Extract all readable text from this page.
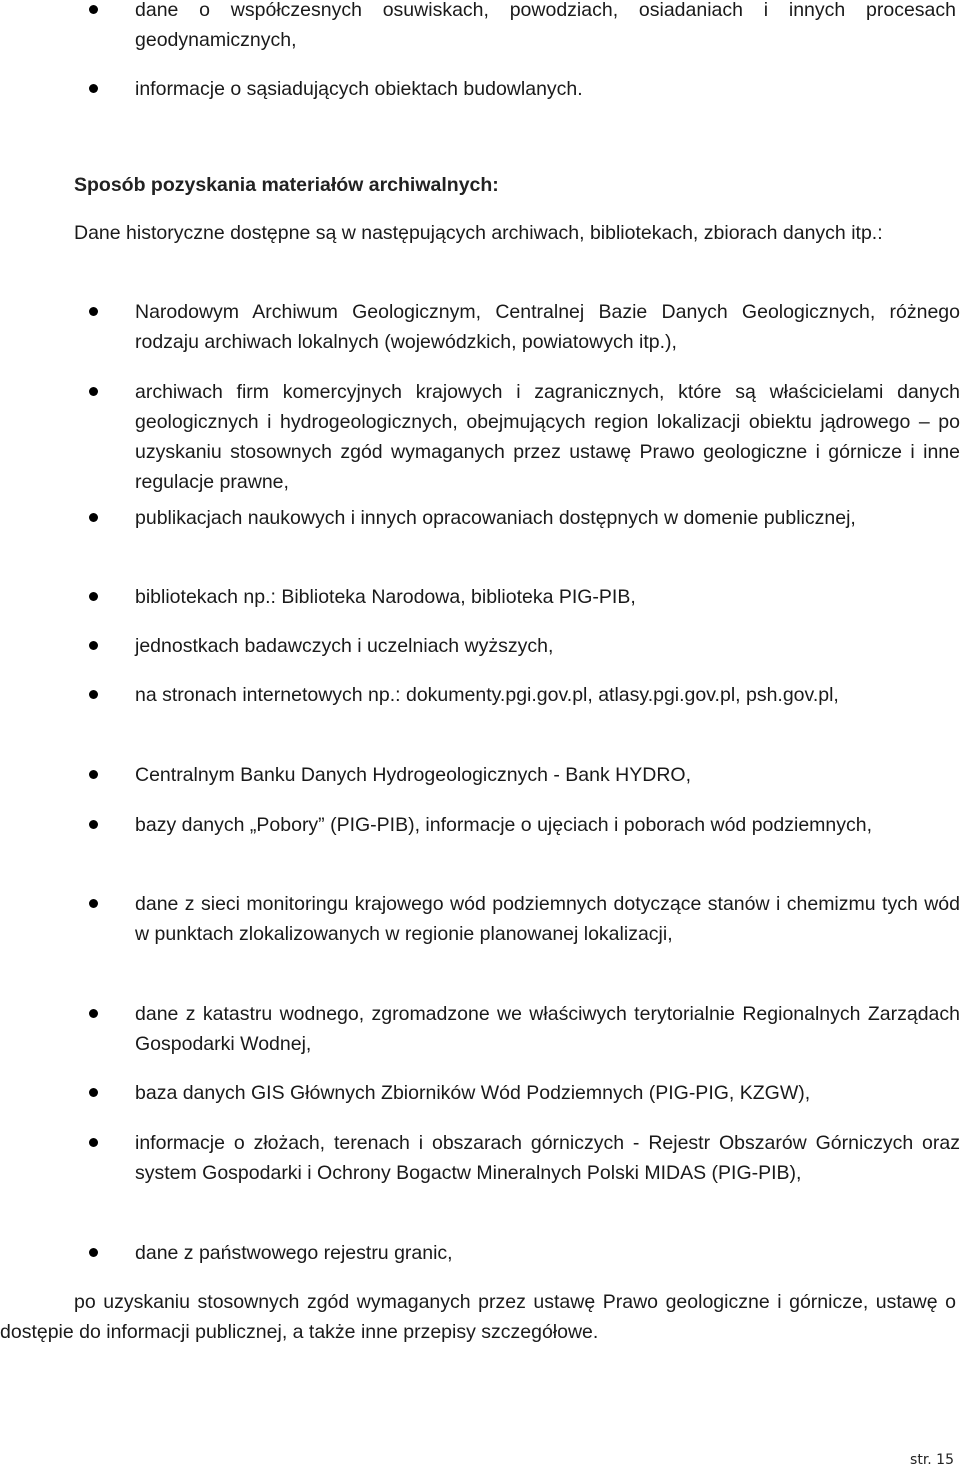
dane o współczesnych osuwiskach, powodziach, osiadaniach i innych procesach geodynamicznych,
informacje o sąsiadujących obiektach budowlanych.
Sposób pozyskania materiałów archiwalnych:
Dane historyczne dostępne są w następujących archiwach, bibliotekach, zbiorach danych itp.:
Narodowym Archiwum Geologicznym, Centralnej Bazie Danych Geologicznych, różnego rodzaju archiwach lokalnych (wojewódzkich, powiatowych itp.),
archiwach firm komercyjnych krajowych i zagranicznych, które są właścicielami danych geologicznych i hydrogeologicznych, obejmujących region lokalizacji obiektu jądrowego – po uzyskaniu stosownych zgód wymaganych przez ustawę Prawo geologiczne i górnicze i inne regulacje prawne,
publikacjach naukowych i innych opracowaniach dostępnych w domenie publicznej,
bibliotekach np.: Biblioteka Narodowa, biblioteka PIG-PIB,
jednostkach badawczych i uczelniach wyższych,
na stronach internetowych np.: dokumenty.pgi.gov.pl, atlasy.pgi.gov.pl, psh.gov.pl,
Centralnym Banku Danych Hydrogeologicznych - Bank HYDRO,
bazy danych „Pobory” (PIG-PIB), informacje o ujęciach i poborach wód podziemnych,
dane z sieci monitoringu krajowego wód podziemnych dotyczące stanów i chemizmu tych wód w punktach zlokalizowanych w regionie planowanej lokalizacji,
dane z katastru wodnego, zgromadzone we właściwych terytorialnie Regionalnych Zarządach Gospodarki Wodnej,
baza danych GIS Głównych Zbiorników Wód Podziemnych (PIG-PIG, KZGW),
informacje o złożach, terenach i obszarach górniczych - Rejestr Obszarów Górniczych oraz system Gospodarki i Ochrony Bogactw Mineralnych Polski MIDAS (PIG-PIB),
dane z państwowego rejestru granic,
po uzyskaniu stosownych zgód wymaganych przez ustawę Prawo geologiczne i górnicze, ustawę o dostępie do informacji publicznej, a także inne przepisy szczegółowe.
str. 15
